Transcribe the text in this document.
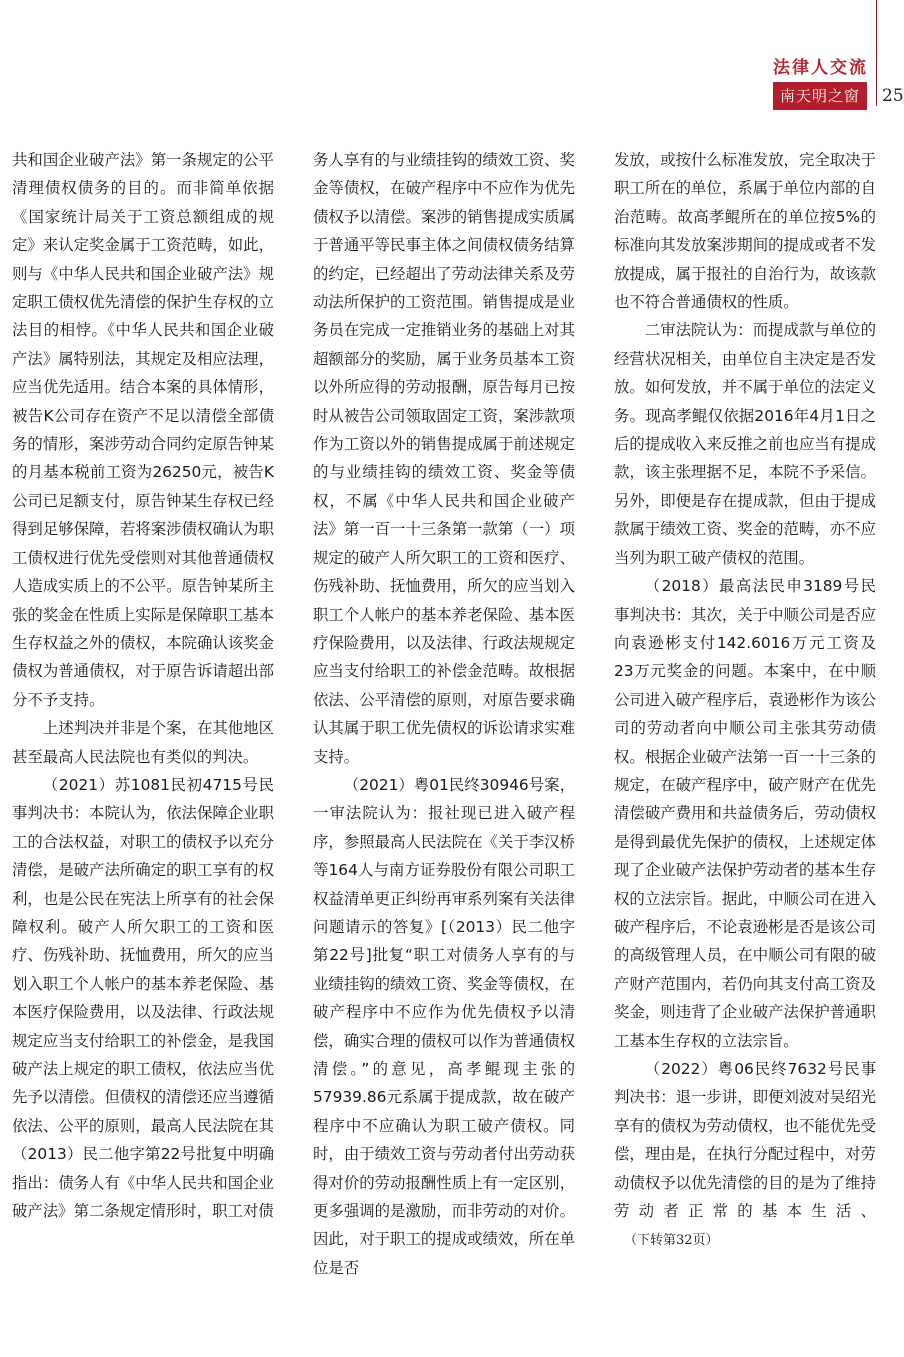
法律人交流
南天明之窗	25

共和国企业破产法》第一条规定的公平清理债权债务的目的。而非简单依据《国家统计局关于工资总额组成的规定》来认定奖金属于工资范畴，如此，则与《中华人民共和国企业破产法》规定职工债权优先清偿的保护生存权的立法目的相悖。《中华人民共和国企业破产法》属特别法，其规定及相应法理，应当优先适用。结合本案的具体情形，被告K公司存在资产不足以清偿全部债务的情形，案涉劳动合同约定原告钟某的月基本税前工资为26250元，被告K公司已足额支付，原告钟某生存权已经得到足够保障，若将案涉债权确认为职工债权进行优先受偿则对其他普通债权人造成实质上的不公平。原告钟某所主张的奖金在性质上实际是保障职工基本生存权益之外的债权，本院确认该奖金债权为普通债权，对于原告诉请超出部分不予支持。

上述判决并非是个案，在其他地区甚至最高人民法院也有类似的判决。

（2021）苏1081民初4715号民事判决书：本院认为，依法保障企业职工的合法权益，对职工的债权予以充分清偿，是破产法所确定的职工享有的权利，也是公民在宪法上所享有的社会保障权利。破产人所欠职工的工资和医疗、伤残补助、抚恤费用，所欠的应当划入职工个人帐户的基本养老保险、基本医疗保险费用，以及法律、行政法规规定应当支付给职工的补偿金，是我国破产法上规定的职工债权，依法应当优先予以清偿。但债权的清偿还应当遵循依法、公平的原则，最高人民法院在其（2013）民二他字第22号批复中明确指出：债务人有《中华人民共和国企业破产法》第二条规定情形时，职工对债

务人享有的与业绩挂钩的绩效工资、奖金等债权，在破产程序中不应作为优先债权予以清偿。案涉的销售提成实质属于普通平等民事主体之间债权债务结算的约定，已经超出了劳动法律关系及劳动法所保护的工资范围。销售提成是业务员在完成一定推销业务的基础上对其超额部分的奖励，属于业务员基本工资以外所应得的劳动报酬，原告每月已按时从被告公司领取固定工资，案涉款项作为工资以外的销售提成属于前述规定的与业绩挂钩的绩效工资、奖金等债权，不属《中华人民共和国企业破产法》第一百一十三条第一款第（一）项规定的破产人所欠职工的工资和医疗、伤残补助、抚恤费用，所欠的应当划入职工个人帐户的基本养老保险、基本医疗保险费用，以及法律、行政法规规定应当支付给职工的补偿金范畴。故根据依法、公平清偿的原则，对原告要求确认其属于职工优先债权的诉讼请求实难支持。

（2021）粤01民终30946号案，一审法院认为：报社现已进入破产程序，参照最高人民法院在《关于李汉桥等164人与南方证券股份有限公司职工权益清单更正纠纷再审系列案有关法律问题请示的答复》[（2013）民二他字第22号]批复“职工对债务人享有的与业绩挂钩的绩效工资、奖金等债权，在破产程序中不应作为优先债权予以清偿，确实合理的债权可以作为普通债权清偿。”的意见，高孝鲲现主张的57939.86元系属于提成款，故在破产程序中不应确认为职工破产债权。同时，由于绩效工资与劳动者付出劳动获得对价的劳动报酬性质上有一定区别，更多强调的是激励，而非劳动的对价。因此，对于职工的提成或绩效，所在单位是否

发放，或按什么标准发放，完全取决于职工所在的单位，系属于单位内部的自治范畴。故高孝鲲所在的单位按5%的标准向其发放案涉期间的提成或者不发放提成，属于报社的自治行为，故该款也不符合普通债权的性质。

二审法院认为：而提成款与单位的经营状况相关，由单位自主决定是否发放。如何发放，并不属于单位的法定义务。现高孝鲲仅依据2016年4月1日之后的提成收入来反推之前也应当有提成款，该主张理据不足，本院不予采信。另外，即便是存在提成款，但由于提成款属于绩效工资、奖金的范畴，亦不应当列为职工破产债权的范围。

（2018）最高法民申3189号民事判决书：其次，关于中顺公司是否应向袁逊彬支付142.6016万元工资及23万元奖金的问题。本案中，在中顺公司进入破产程序后，袁逊彬作为该公司的劳动者向中顺公司主张其劳动债权。根据企业破产法第一百一十三条的规定，在破产程序中，破产财产在优先清偿破产费用和共益债务后，劳动债权是得到最优先保护的债权，上述规定体现了企业破产法保护劳动者的基本生存权的立法宗旨。据此，中顺公司在进入破产程序后，不论袁逊彬是否是该公司的高级管理人员，在中顺公司有限的破产财产范围内，若仍向其支付高工资及奖金，则违背了企业破产法保护普通职工基本生存权的立法宗旨。

（2022）粤06民终7632号民事判决书：退一步讲，即便刘波对吴绍光享有的债权为劳动债权，也不能优先受偿，理由是，在执行分配过程中，对劳动债权予以优先清偿的目的是为了维持劳动者正常的基本生活、（下转第32页）
